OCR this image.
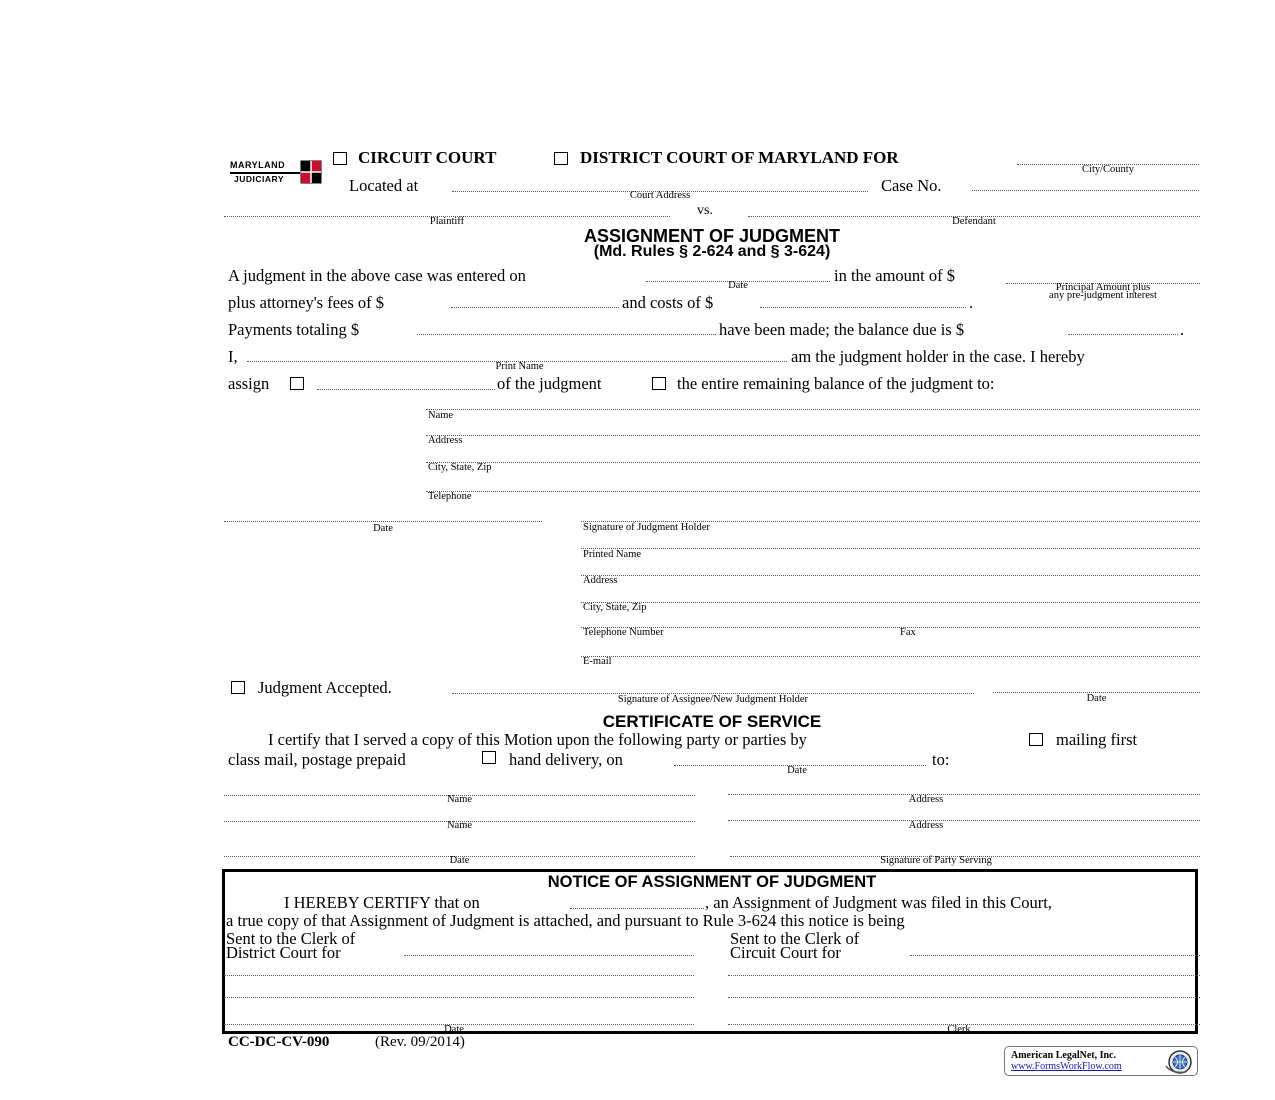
MARYLAND
JUDICIARY
CIRCUIT COURT	DISTRICT COURT OF MARYLAND FOR
City/County
Located at
Court Address
Case No.
Plaintiff
vs.
Defendant
ASSIGNMENT OF JUDGMENT
(Md. Rules § 2-624 and § 3-624)
A judgment in the above case was entered on
Date
in the amount of $
Principal Amount plus
any pre-judgment interest
plus attorney's fees of $	and costs of $	.
Payments totaling $	have been made; the balance due is $	.
I,
Print Name
am the judgment holder in the case. I hereby
assign	of the judgment	the entire remaining balance of the judgment to:
Name
Address
City, State, Zip
Telephone
Date	Signature of Judgment Holder
Printed Name
Address
City, State, Zip
Telephone Number	Fax
E-mail
Judgment Accepted.
Signature of Assignee/New Judgment Holder	Date
CERTIFICATE OF SERVICE
I certify that I served a copy of this Motion upon the following party or parties by	mailing first
class mail, postage prepaid	hand delivery, on
Date
to:
Name	Address
Name	Address
Date	Signature of Party Serving
NOTICE OF ASSIGNMENT OF JUDGMENT
I HEREBY CERTIFY that on	, an Assignment of Judgment was filed in this Court,
a true copy of that Assignment of Judgment is attached, and pursuant to Rule 3-624 this notice is being
Sent to the Clerk of
District Court for
Sent to the Clerk of
Circuit Court for
Date	Clerk
CC-DC-CV-090	(Rev. 09/2014)
American LegalNet, Inc.
www.FormsWorkFlow.com
